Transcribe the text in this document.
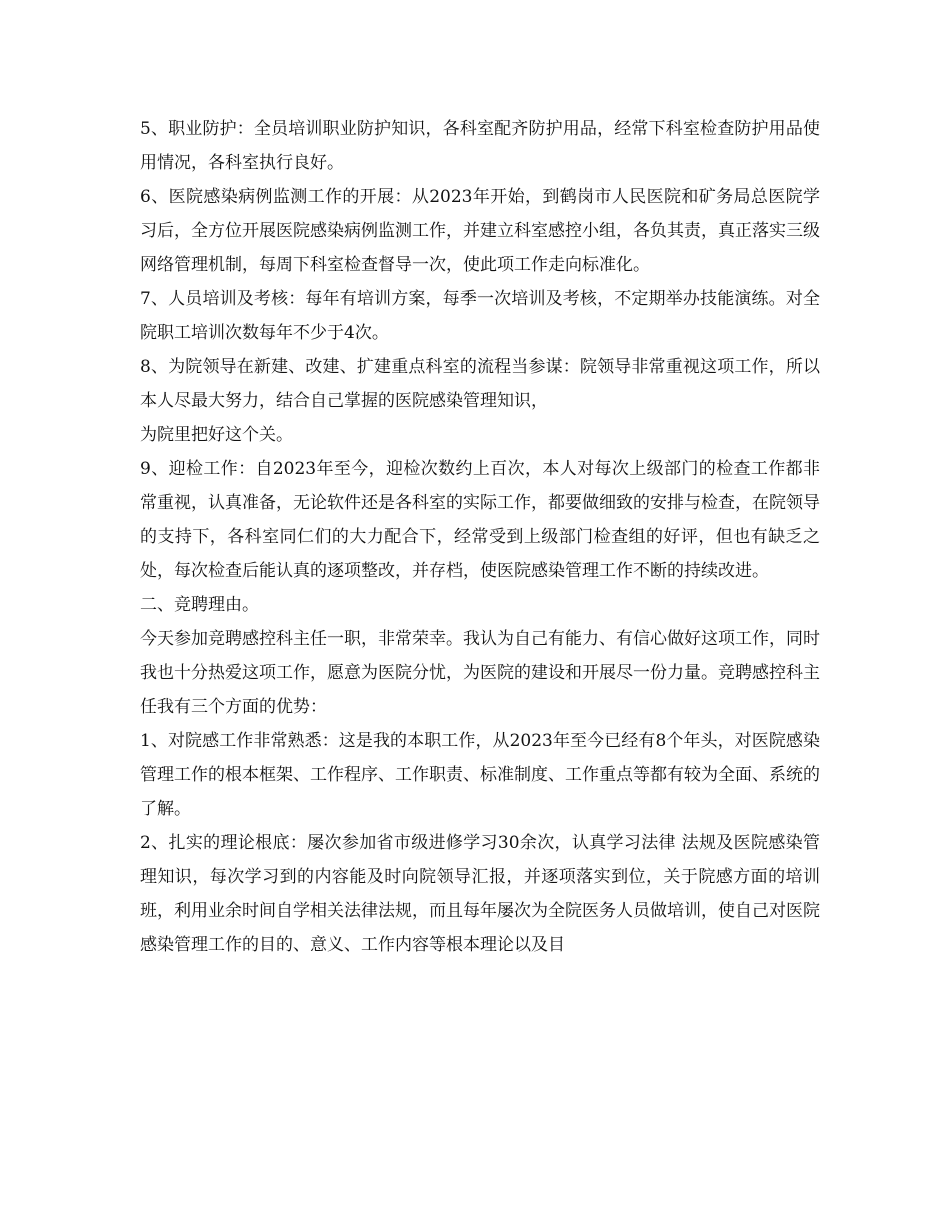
5、职业防护：全员培训职业防护知识，各科室配齐防护用品，经常下科室检查防护用品使用情况，各科室执行良好。

6、医院感染病例监测工作的开展：从2023年开始，到鹤岗市人民医院和矿务局总医院学习后，全方位开展医院感染病例监测工作，并建立科室感控小组，各负其责，真正落实三级网络管理机制，每周下科室检查督导一次，使此项工作走向标准化。

7、人员培训及考核：每年有培训方案，每季一次培训及考核，不定期举办技能演练。对全院职工培训次数每年不少于4次。

8、为院领导在新建、改建、扩建重点科室的流程当参谋：院领导非常重视这项工作，所以本人尽最大努力，结合自己掌握的医院感染管理知识，

为院里把好这个关。

9、迎检工作：自2023年至今，迎检次数约上百次，本人对每次上级部门的检查工作都非常重视，认真准备，无论软件还是各科室的实际工作，都要做细致的安排与检查，在院领导的支持下，各科室同仁们的大力配合下，经常受到上级部门检查组的好评，但也有缺乏之处，每次检查后能认真的逐项整改，并存档，使医院感染管理工作不断的持续改进。

二、竞聘理由。

今天参加竞聘感控科主任一职，非常荣幸。我认为自己有能力、有信心做好这项工作，同时我也十分热爱这项工作，愿意为医院分忧，为医院的建设和开展尽一份力量。竞聘感控科主任我有三个方面的优势：

1、对院感工作非常熟悉：这是我的本职工作，从2023年至今已经有8个年头，对医院感染管理工作的根本框架、工作程序、工作职责、标准制度、工作重点等都有较为全面、系统的了解。

2、扎实的理论根底：屡次参加省市级进修学习30余次，认真学习法律 法规及医院感染管理知识，每次学习到的内容能及时向院领导汇报，并逐项落实到位，关于院感方面的培训班，利用业余时间自学相关法律法规，而且每年屡次为全院医务人员做培训，使自己对医院感染管理工作的目的、意义、工作内容等根本理论以及目
